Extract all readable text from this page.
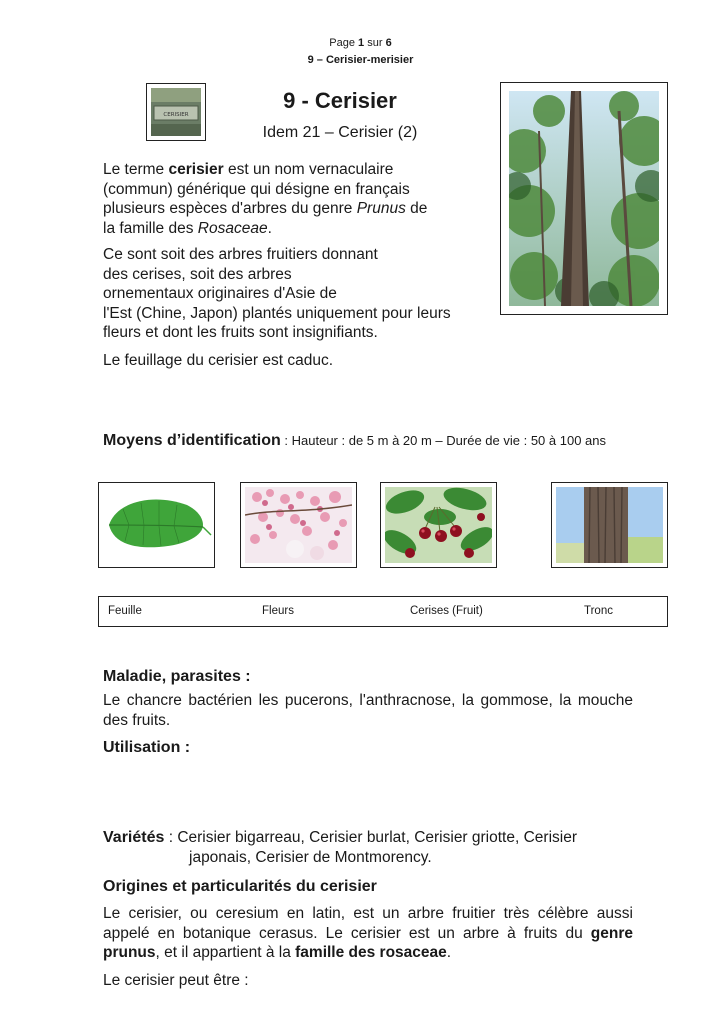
Page 1 sur 6
9 – Cerisier-merisier
CERISIER
9 - Cerisier
Idem 21 – Cerisier (2)
Le terme cerisier est un nom vernaculaire
(commun) générique qui désigne en français
plusieurs espèces d'arbres du genre Prunus de
la famille des Rosaceae.
Ce sont soit des arbres fruitiers donnant
des cerises, soit des arbres
ornementaux originaires d'Asie de
l'Est (Chine, Japon) plantés uniquement pour leurs
fleurs et dont les fruits sont insignifiants.
Le feuillage du cerisier est caduc.
Moyens d’identification : Hauteur : de 5 m à 20 m – Durée de vie : 50 à 100 ans
Feuille	Fleurs	Cerises (Fruit)	Tronc
Maladie, parasites :
Le chancre bactérien les pucerons, l'anthracnose, la gommose, la mouche des fruits.
Utilisation :
Variétés : Cerisier bigarreau, Cerisier burlat, Cerisier griotte, Cerisier
japonais, Cerisier de Montmorency.
Origines et particularités du cerisier
Le cerisier, ou ceresium en latin, est un arbre fruitier très célèbre aussi appelé en botanique cerasus. Le cerisier est un arbre à fruits du genre prunus, et il appartient à la famille des rosaceae.
Le cerisier peut être :
